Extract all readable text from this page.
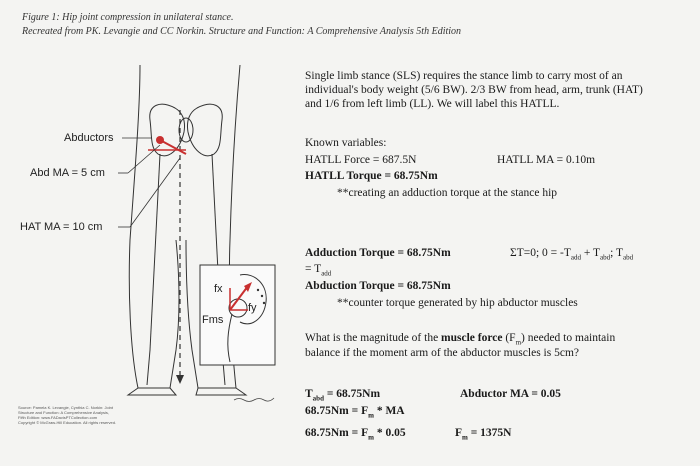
Figure 1: Hip joint compression in unilateral stance.
Recreated from PK. Levangie and CC Norkin. Structure and Function: A Comprehensive Analysis 5th Edition
Abductors
Abd MA = 5 cm
HAT MA = 10 cm
fx
fy
Fms
Source: Pamela K. Levangie, Cynthia C. Norkin: Joint
Structure and Function: A Comprehensive Analysis,
Fifth Edition: www.FADavisPTCollection.com
Copyright © McGraw-Hill Education. All rights reserved.
Single limb stance (SLS) requires the stance limb to carry most of an
individual's body weight (5/6 BW). 2/3 BW from head, arm, trunk (HAT)
and 1/6 from left limb (LL). We will label this HATLL.
Known variables:
HATLL Force = 687.5N	HATLL MA = 0.10m
HATLL Torque = 68.75Nm
**creating an adduction torque at the stance hip
Adduction Torque = 68.75Nm	ΣT=0; $0 = -T_{add} + T_{abd}$; $T_{abd}$
= $T_{add}$
Abduction Torque = 68.75Nm
**counter torque generated by hip abductor muscles
What is the magnitude of the muscle force $(F_m)$ needed to maintain
balance if the moment arm of the abductor muscles is 5cm?
$T_{abd} = 68.75Nm$	Abductor MA = 0.05
$68.75Nm = F_m$ * MA
$68.75Nm = F_m * 0.05$	$F_m = 1375N$
